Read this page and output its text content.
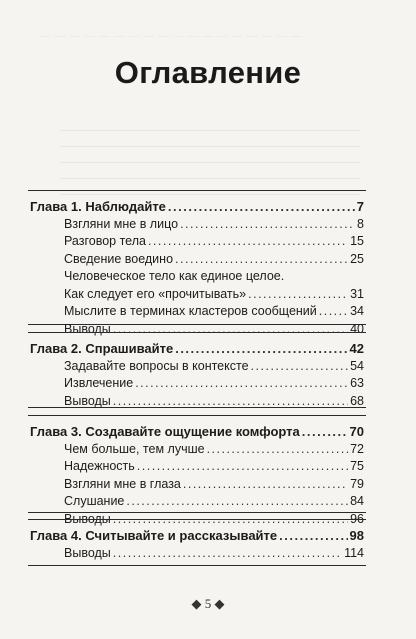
— — — — — — — — — — — — — — — — — —
Оглавление
Глава 1. Наблюдайте .....	7
Взгляни мне в лицо .....	8
Разговор тела .....	15
Сведение воедино .....	25
Человеческое тело как единое целое.
Как следует его «прочитывать» .....	31
Мыслите в терминах кластеров сообщений .....	34
Выводы .....	40
Глава 2. Спрашивайте .....	42
Задавайте вопросы в контексте .....	54
Извлечение .....	63
Выводы .....	68
Глава 3. Создавайте ощущение комфорта .....	70
Чем больше, тем лучше .....	72
Надежность .....	75
Взгляни мне в глаза .....	79
Слушание .....	84
Выводы .....	96
Глава 4. Считывайте и рассказывайте .....	98
Выводы .....	114
◆ 5 ◆
